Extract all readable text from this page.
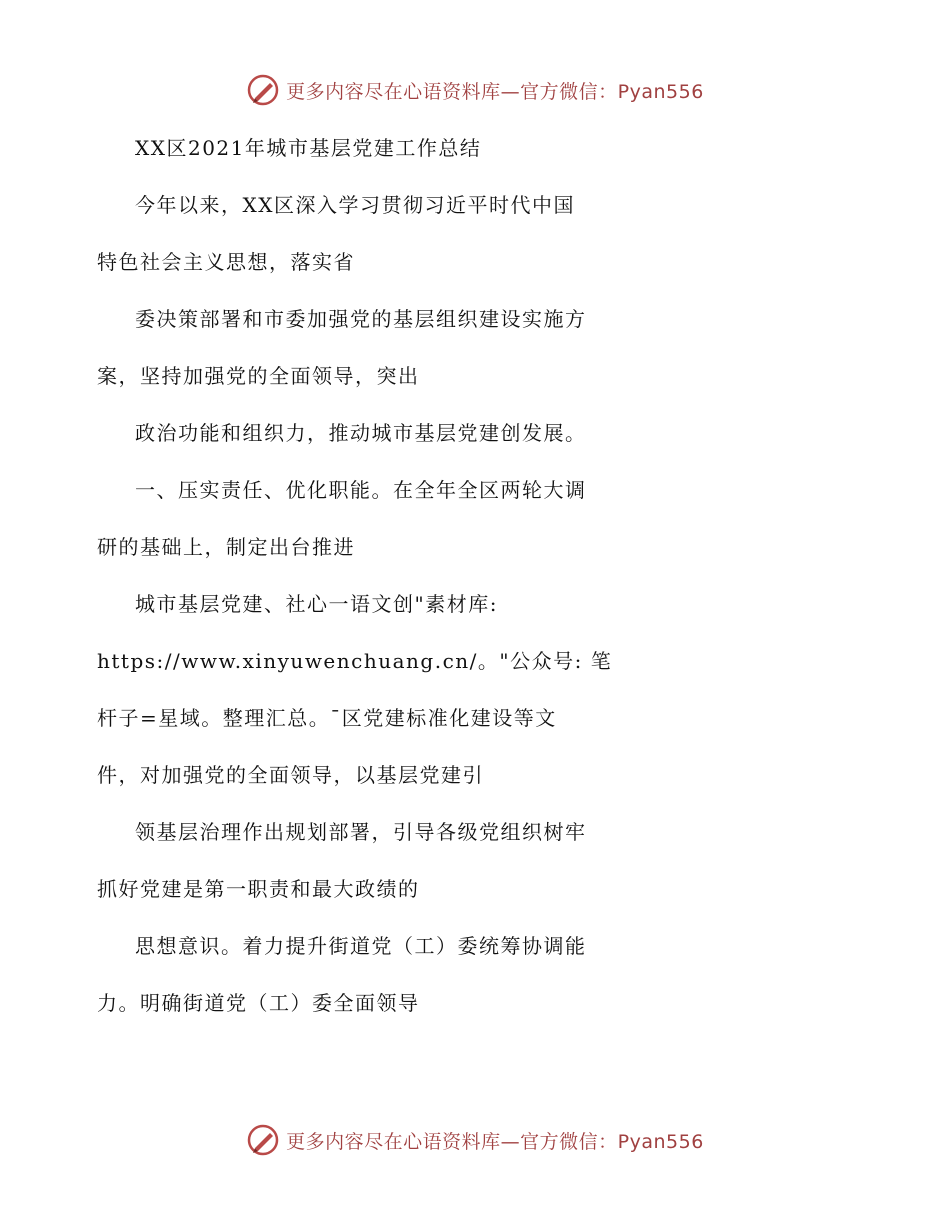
更多内容尽在心语资料库—官方微信：Pyan556
XX区2021年城市基层党建工作总结
今年以来，XX区深入学习贯彻习近平时代中国
特色社会主义思想，落实省
委决策部署和市委加强党的基层组织建设实施方
案，坚持加强党的全面领导，突出
政治功能和组织力，推动城市基层党建创发展。
一、压实责任、优化职能。在全年全区两轮大调
研的基础上，制定出台推进
城市基层党建、社心一语文创"素材库:
https://www.xinyuwenchuang.cn/。"公众号: 笔
杆子=星域。整理汇总。¯区党建标准化建设等文
件，对加强党的全面领导，以基层党建引
领基层治理作出规划部署，引导各级党组织树牢
抓好党建是第一职责和最大政绩的
思想意识。着力提升街道党（工）委统筹协调能
力。明确街道党（工）委全面领导
更多内容尽在心语资料库—官方微信：Pyan556
